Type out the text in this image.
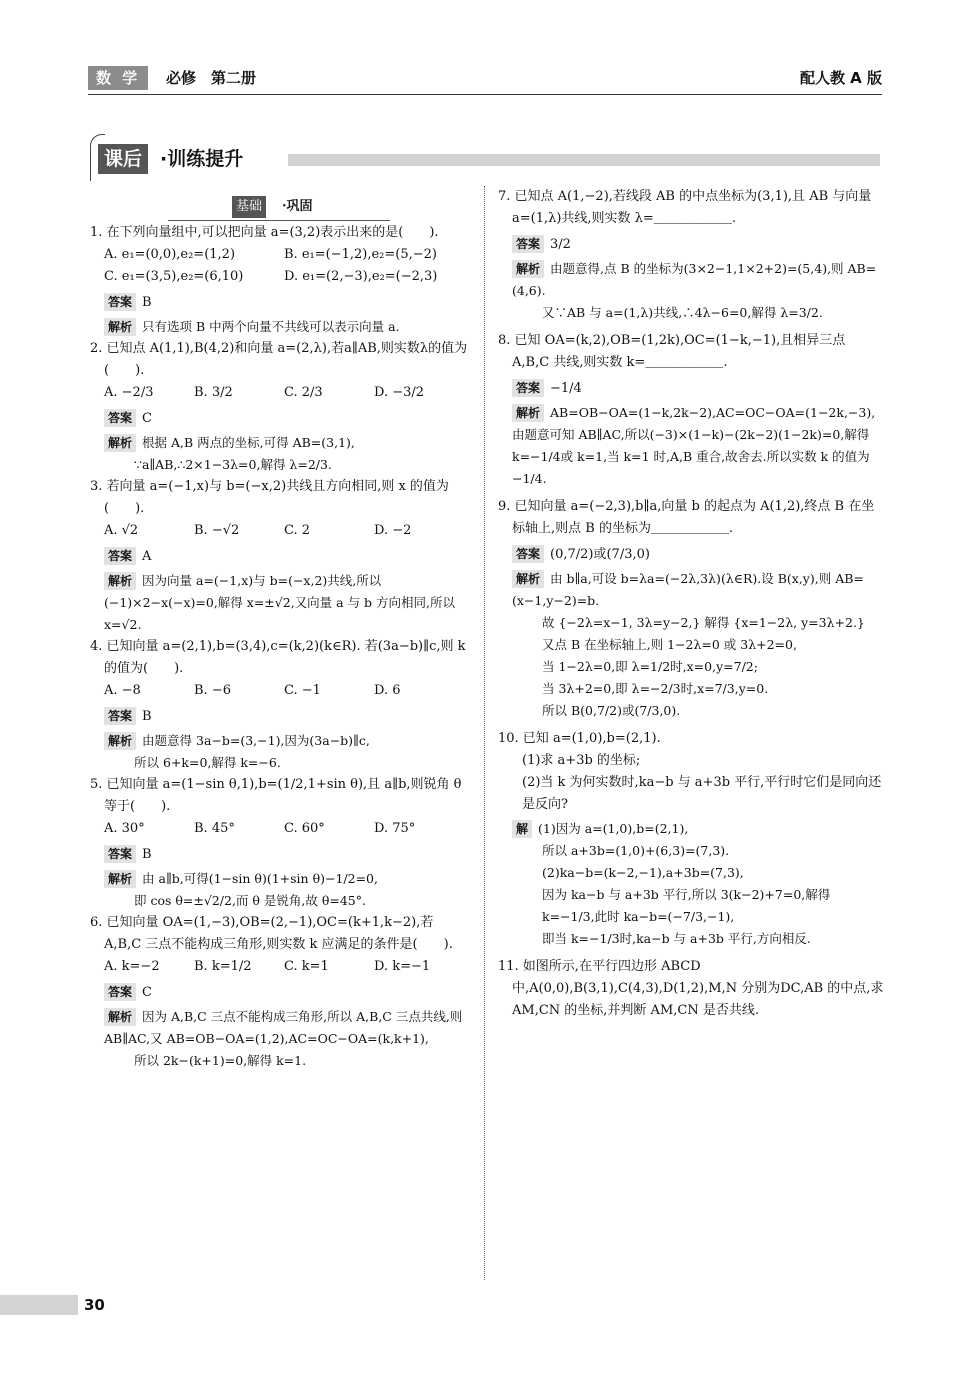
数 学	必修　第二册	配人教 A 版
课后 ·训练提升
基础	·巩固
1. 在下列向量组中,可以把向量 a=(3,2)表示出来的是(　　).
A. e₁=(0,0),e₂=(1,2)	B. e₁=(−1,2),e₂=(5,−2)
C. e₁=(3,5),e₂=(6,10)	D. e₁=(2,−3),e₂=(−2,3)
答案 B
解析 只有选项 B 中两个向量不共线可以表示向量 a.
2. 已知点 A(1,1),B(4,2)和向量 a=(2,λ),若a∥AB,则实数λ的值为(　　).
A. −2/3	B. 3/2	C. 2/3	D. −3/2
答案 C
解析 根据 A,B 两点的坐标,可得 AB=(3,1),

∵a∥AB,∴2×1−3λ=0,解得 λ=2/3.

3. 若向量 a=(−1,x)与 b=(−x,2)共线且方向相同,则 x 的值为(　　).
A. √2	B. −√2	C. 2	D. −2
答案 A
解析 因为向量 a=(−1,x)与 b=(−x,2)共线,所以(−1)×2−x(−x)=0,解得 x=±√2,又向量 a 与 b 方向相同,所以 x=√2.
4. 已知向量 a=(2,1),b=(3,4),c=(k,2)(k∈R). 若(3a−b)∥c,则 k 的值为(　　).
A. −8	B. −6	C. −1	D. 6
答案 B
解析 由题意得 3a−b=(3,−1),因为(3a−b)∥c,

所以 6+k=0,解得 k=−6.

5. 已知向量 a=(1−sin θ,1),b=(1/2,1+sin θ),且 a∥b,则锐角 θ 等于(　　).
A. 30°	B. 45°	C. 60°	D. 75°
答案 B
解析 由 a∥b,可得(1−sin θ)(1+sin θ)−1/2=0,

即 cos θ=±√2/2,而 θ 是锐角,故 θ=45°.

6. 已知向量 OA=(1,−3),OB=(2,−1),OC=(k+1,k−2),若 A,B,C 三点不能构成三角形,则实数 k 应满足的条件是(　　).
A. k=−2	B. k=1/2	C. k=1	D. k=−1
答案 C
解析 因为 A,B,C 三点不能构成三角形,所以 A,B,C 三点共线,则 AB∥AC,又 AB=OB−OA=(1,2),AC=OC−OA=(k,k+1),

所以 2k−(k+1)=0,解得 k=1.

7. 已知点 A(1,−2),若线段 AB 的中点坐标为(3,1),且 AB 与向量 a=(1,λ)共线,则实数 λ=＿＿＿＿＿＿.
答案 3/2
解析 由题意得,点 B 的坐标为(3×2−1,1×2+2)=(5,4),则 AB=(4,6).

又∵AB 与 a=(1,λ)共线,∴4λ−6=0,解得 λ=3/2.

8. 已知 OA=(k,2),OB=(1,2k),OC=(1−k,−1),且相异三点 A,B,C 共线,则实数 k=＿＿＿＿＿＿.
答案 −1/4
解析 AB=OB−OA=(1−k,2k−2),AC=OC−OA=(1−2k,−3),由题意可知 AB∥AC,所以(−3)×(1−k)−(2k−2)(1−2k)=0,解得 k=−1/4或 k=1,当 k=1 时,A,B 重合,故舍去.所以实数 k 的值为−1/4.
9. 已知向量 a=(−2,3),b∥a,向量 b 的起点为 A(1,2),终点 B 在坐标轴上,则点 B 的坐标为＿＿＿＿＿＿.
答案 (0,7/2)或(7/3,0)
解析 由 b∥a,可设 b=λa=(−2λ,3λ)(λ∈R).设 B(x,y),则 AB=(x−1,y−2)=b.

故 {−2λ=x−1, 3λ=y−2,} 解得 {x=1−2λ, y=3λ+2.}

又点 B 在坐标轴上,则 1−2λ=0 或 3λ+2=0,

当 1−2λ=0,即 λ=1/2时,x=0,y=7/2;

当 3λ+2=0,即 λ=−2/3时,x=7/3,y=0.

所以 B(0,7/2)或(7/3,0).

10. 已知 a=(1,0),b=(2,1).

(1)求 a+3b 的坐标;

(2)当 k 为何实数时,ka−b 与 a+3b 平行,平行时它们是同向还是反向?

解 (1)因为 a=(1,0),b=(2,1),

所以 a+3b=(1,0)+(6,3)=(7,3).

(2)ka−b=(k−2,−1),a+3b=(7,3),

因为 ka−b 与 a+3b 平行,所以 3(k−2)+7=0,解得 k=−1/3,此时 ka−b=(−7/3,−1),

即当 k=−1/3时,ka−b 与 a+3b 平行,方向相反.

11. 如图所示,在平行四边形 ABCD 中,A(0,0),B(3,1),C(4,3),D(1,2),M,N 分别为DC,AB 的中点,求 AM,CN 的坐标,并判断 AM,CN 是否共线.
30
